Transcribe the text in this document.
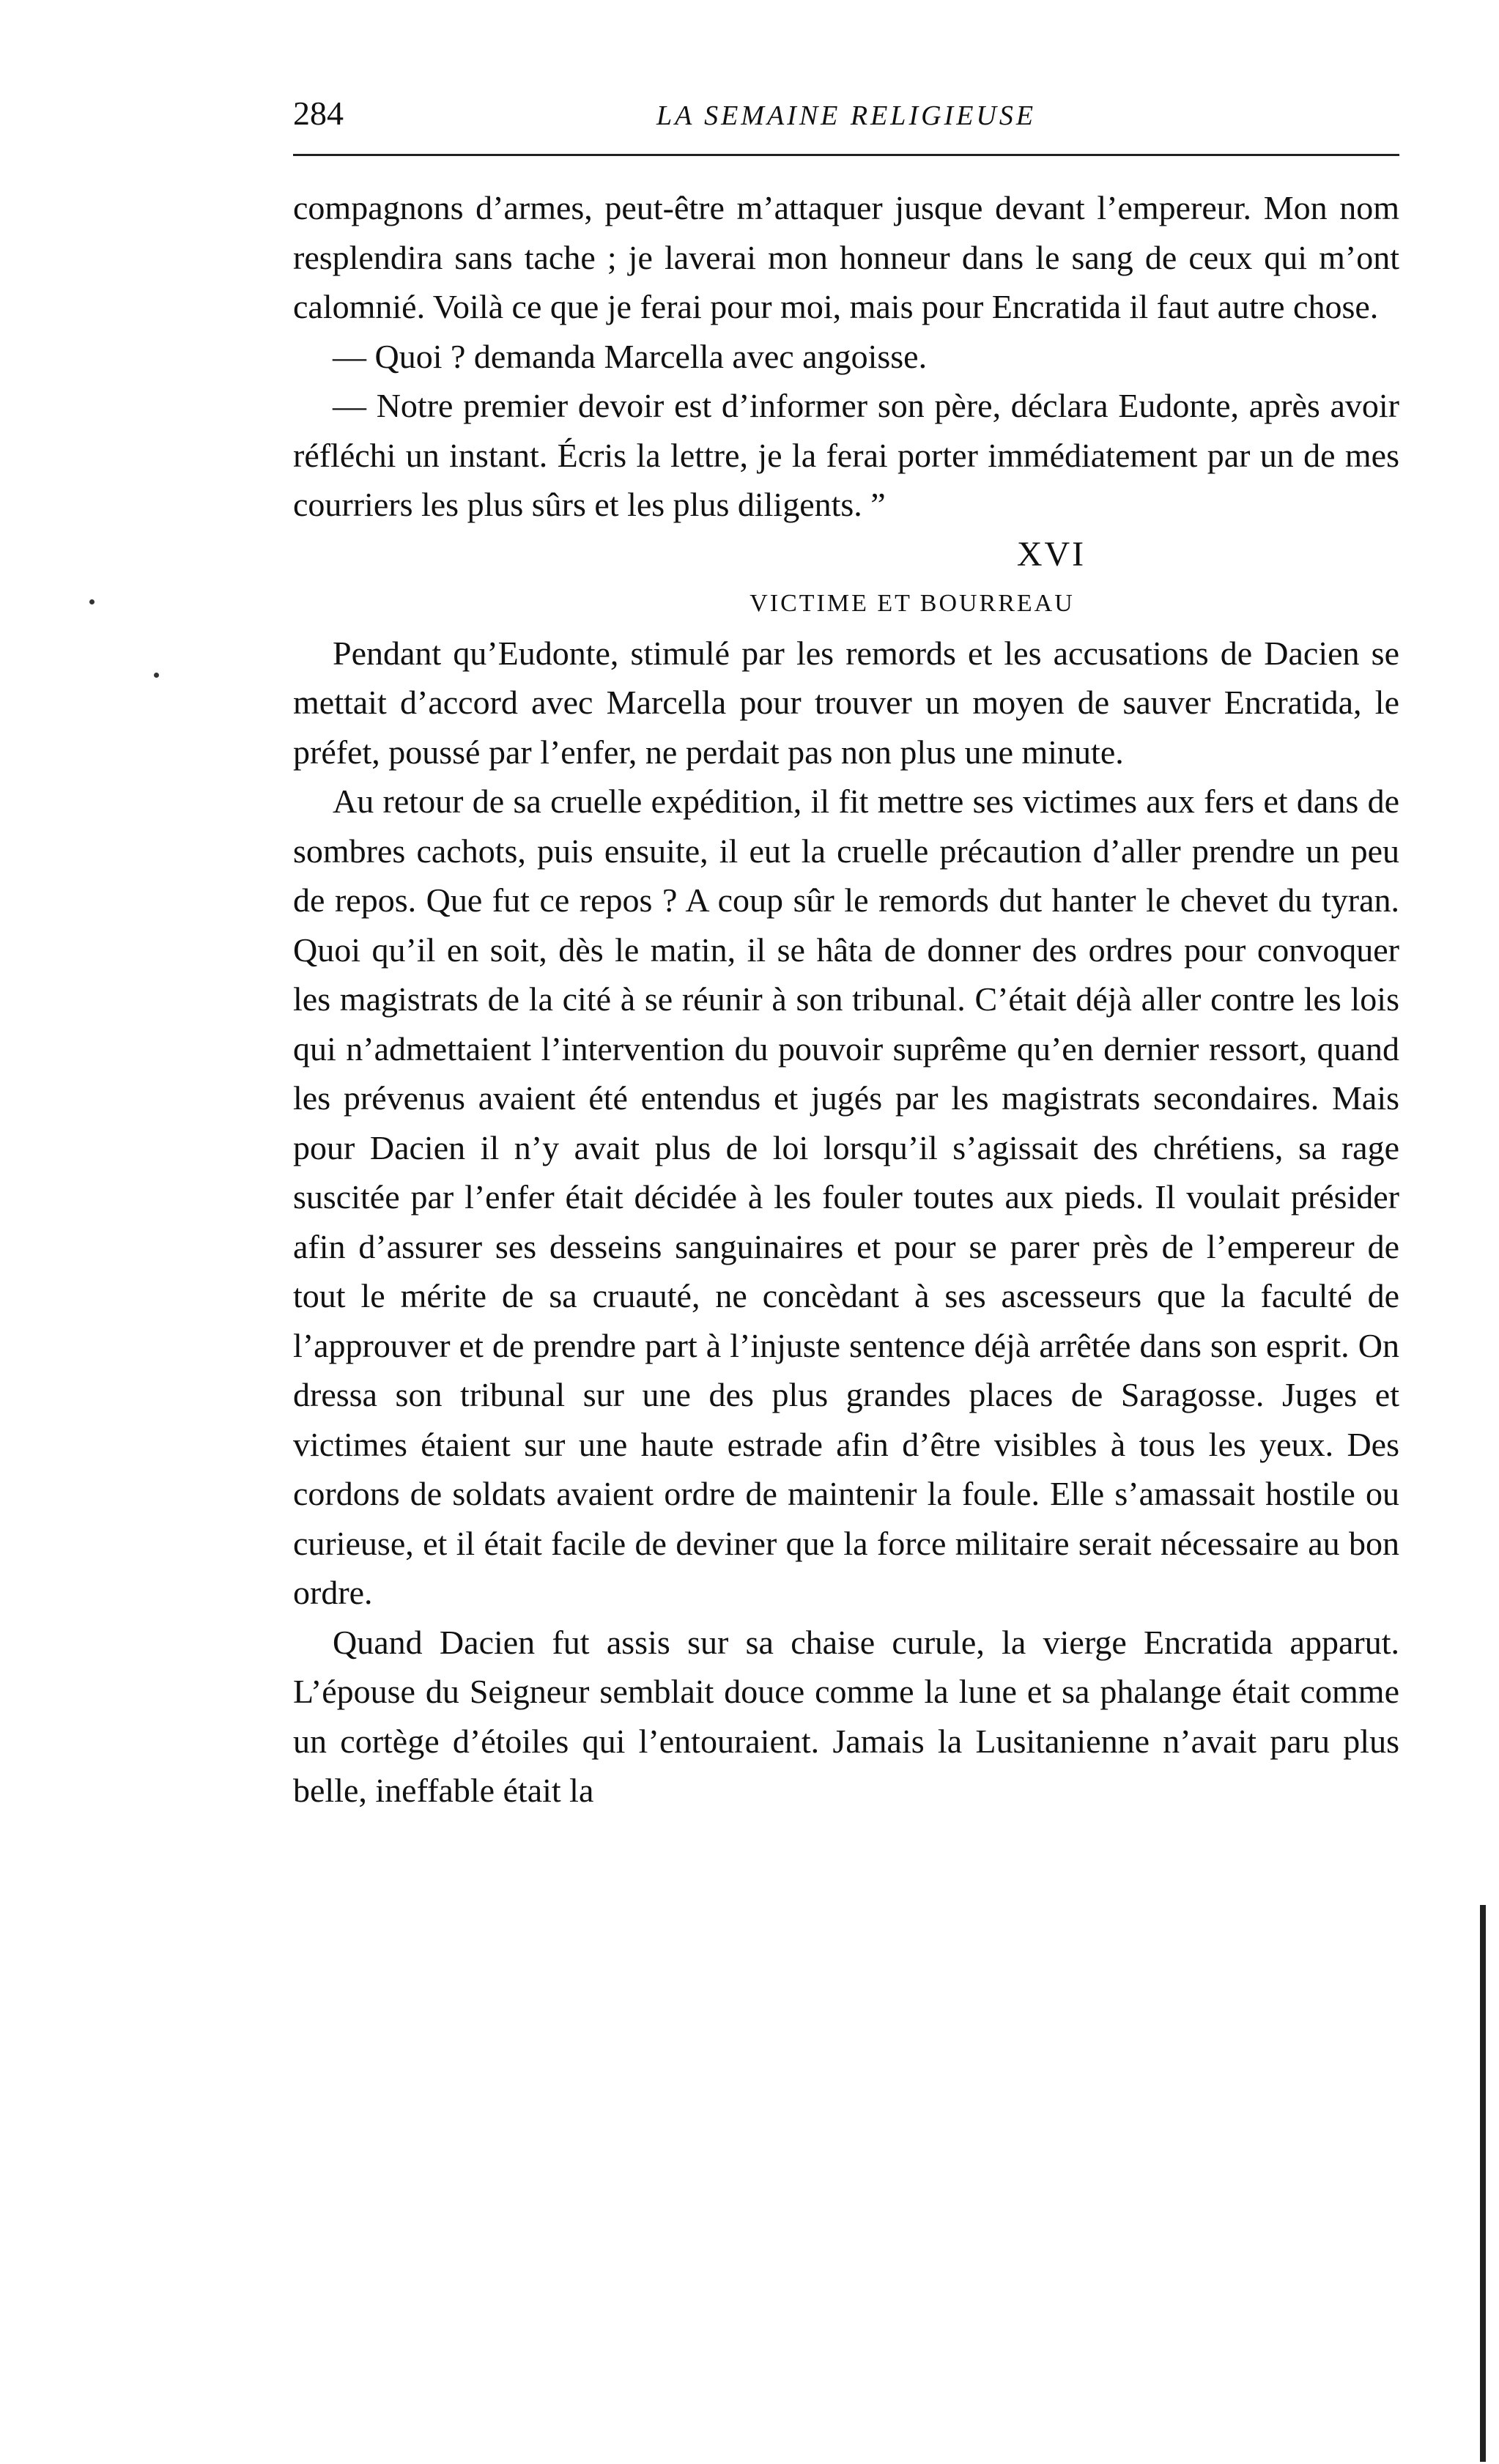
284	LA SEMAINE RELIGIEUSE

compagnons d’armes, peut-être m’attaquer jusque devant l’empereur. Mon nom resplendira sans tache ; je laverai mon honneur dans le sang de ceux qui m’ont calomnié. Voilà ce que je ferai pour moi, mais pour Encratida il faut autre chose.

— Quoi ? demanda Marcella avec angoisse.

— Notre premier devoir est d’informer son père, déclara Eudonte, après avoir réfléchi un instant. Écris la lettre, je la ferai porter immédiatement par un de mes courriers les plus sûrs et les plus diligents. ”

XVI

VICTIME ET BOURREAU

Pendant qu’Eudonte, stimulé par les remords et les accusations de Dacien se mettait d’accord avec Marcella pour trouver un moyen de sauver Encratida, le préfet, poussé par l’enfer, ne perdait pas non plus une minute.

Au retour de sa cruelle expédition, il fit mettre ses victimes aux fers et dans de sombres cachots, puis ensuite, il eut la cruelle précaution d’aller prendre un peu de repos. Que fut ce repos ? A coup sûr le remords dut hanter le chevet du tyran. Quoi qu’il en soit, dès le matin, il se hâta de donner des ordres pour convoquer les magistrats de la cité à se réunir à son tribunal. C’était déjà aller contre les lois qui n’admettaient l’intervention du pouvoir suprême qu’en dernier ressort, quand les prévenus avaient été entendus et jugés par les magistrats secondaires. Mais pour Dacien il n’y avait plus de loi lorsqu’il s’agissait des chrétiens, sa rage suscitée par l’enfer était décidée à les fouler toutes aux pieds. Il voulait présider afin d’assurer ses desseins sanguinaires et pour se parer près de l’empereur de tout le mérite de sa cruauté, ne concèdant à ses ascesseurs que la faculté de l’approuver et de prendre part à l’injuste sentence déjà arrêtée dans son esprit. On dressa son tribunal sur une des plus grandes places de Saragosse. Juges et victimes étaient sur une haute estrade afin d’être visibles à tous les yeux. Des cordons de soldats avaient ordre de maintenir la foule. Elle s’amassait hostile ou curieuse, et il était facile de deviner que la force militaire serait nécessaire au bon ordre.

Quand Dacien fut assis sur sa chaise curule, la vierge Encratida apparut. L’épouse du Seigneur semblait douce comme la lune et sa phalange était comme un cortège d’étoiles qui l’entouraient. Jamais la Lusitanienne n’avait paru plus belle, ineffable était la
